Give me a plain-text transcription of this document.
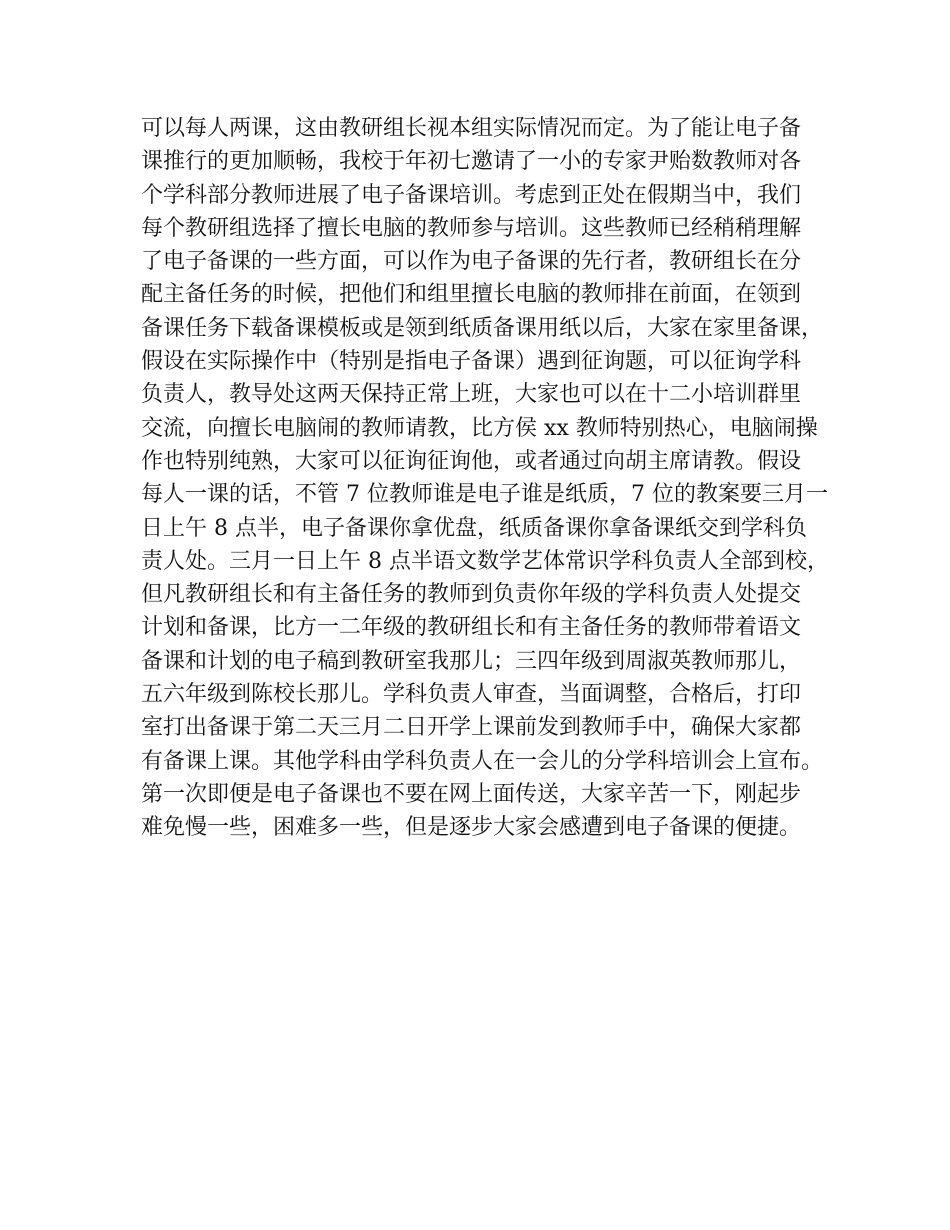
可以每人两课，这由教研组长视本组实际情况而定。为了能让电子备
课推行的更加顺畅，我校于年初七邀请了一小的专家尹贻数教师对各
个学科部分教师进展了电子备课培训。考虑到正处在假期当中，我们
每个教研组选择了擅长电脑的教师参与培训。这些教师已经稍稍理解
了电子备课的一些方面，可以作为电子备课的先行者，教研组长在分
配主备任务的时候，把他们和组里擅长电脑的教师排在前面，在领到
备课任务下载备课模板或是领到纸质备课用纸以后，大家在家里备课，
假设在实际操作中（特别是指电子备课）遇到征询题，可以征询学科
负责人，教导处这两天保持正常上班，大家也可以在十二小培训群里
交流，向擅长电脑闹的教师请教，比方侯 xx 教师特别热心，电脑闹操
作也特别纯熟，大家可以征询征询他，或者通过向胡主席请教。假设
每人一课的话，不管 7 位教师谁是电子谁是纸质，7 位的教案要三月一
日上午 8 点半，电子备课你拿优盘，纸质备课你拿备课纸交到学科负
责人处。三月一日上午 8 点半语文数学艺体常识学科负责人全部到校，
但凡教研组长和有主备任务的教师到负责你年级的学科负责人处提交
计划和备课，比方一二年级的教研组长和有主备任务的教师带着语文
备课和计划的电子稿到教研室我那儿；三四年级到周淑英教师那儿，
五六年级到陈校长那儿。学科负责人审查，当面调整，合格后，打印
室打出备课于第二天三月二日开学上课前发到教师手中，确保大家都
有备课上课。其他学科由学科负责人在一会儿的分学科培训会上宣布。
第一次即便是电子备课也不要在网上面传送，大家辛苦一下，刚起步
难免慢一些，困难多一些，但是逐步大家会感遭到电子备课的便捷。
